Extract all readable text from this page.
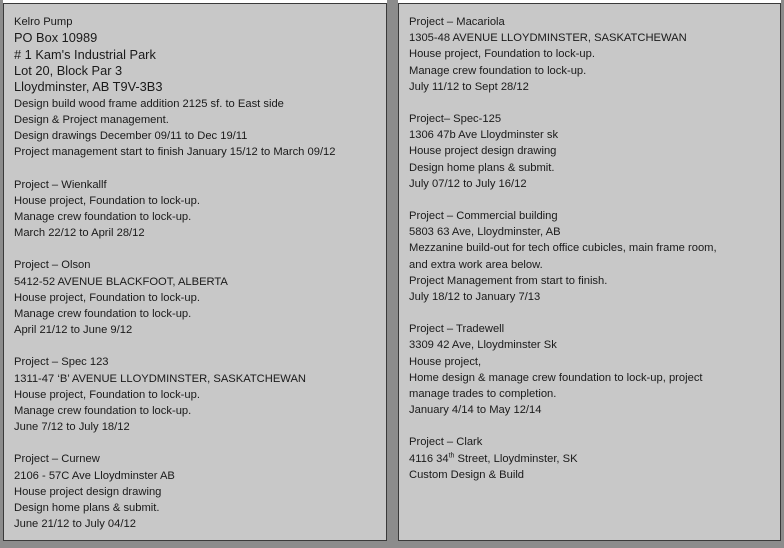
Kelro Pump
PO Box 10989
# 1 Kam's Industrial Park
Lot 20, Block Par 3
Lloydminster, AB T9V-3B3
Design build wood frame addition 2125 sf. to East side
Design & Project management.
Design drawings December 09/11 to Dec 19/11
Project management start to finish January 15/12 to March 09/12
Project – Wienkallf
House project, Foundation to lock-up.
Manage crew foundation to lock-up.
March 22/12 to April 28/12
Project – Olson
5412-52 AVENUE BLACKFOOT, ALBERTA
House project, Foundation to lock-up.
Manage crew foundation to lock-up.
April 21/12 to June 9/12
Project – Spec 123
1311-47 ‘B’ AVENUE LLOYDMINSTER, SASKATCHEWAN
House project, Foundation to lock-up.
Manage crew foundation to lock-up.
June 7/12 to July 18/12
Project – Curnew
2106 - 57C Ave Lloydminster AB
House project design drawing
Design home plans & submit.
June 21/12 to July 04/12
Project – Macariola
1305-48 AVENUE LLOYDMINSTER, SASKATCHEWAN
House project, Foundation to lock-up.
Manage crew foundation to lock-up.
July 11/12 to Sept 28/12
Project– Spec-125
1306 47b Ave Lloydminster sk
House project design drawing
Design home plans & submit.
July 07/12 to July 16/12
Project – Commercial building
5803 63 Ave, Lloydminster, AB
Mezzanine build-out for tech office cubicles, main frame room,
and extra work area below.
Project Management from start to finish.
July 18/12 to January 7/13
Project – Tradewell
3309 42 Ave, Lloydminster Sk
House project,
Home design & manage crew foundation to lock-up, project
manage trades to completion.
January 4/14 to May 12/14
Project – Clark
4116 34th Street, Lloydminster, SK
Custom Design & Build
